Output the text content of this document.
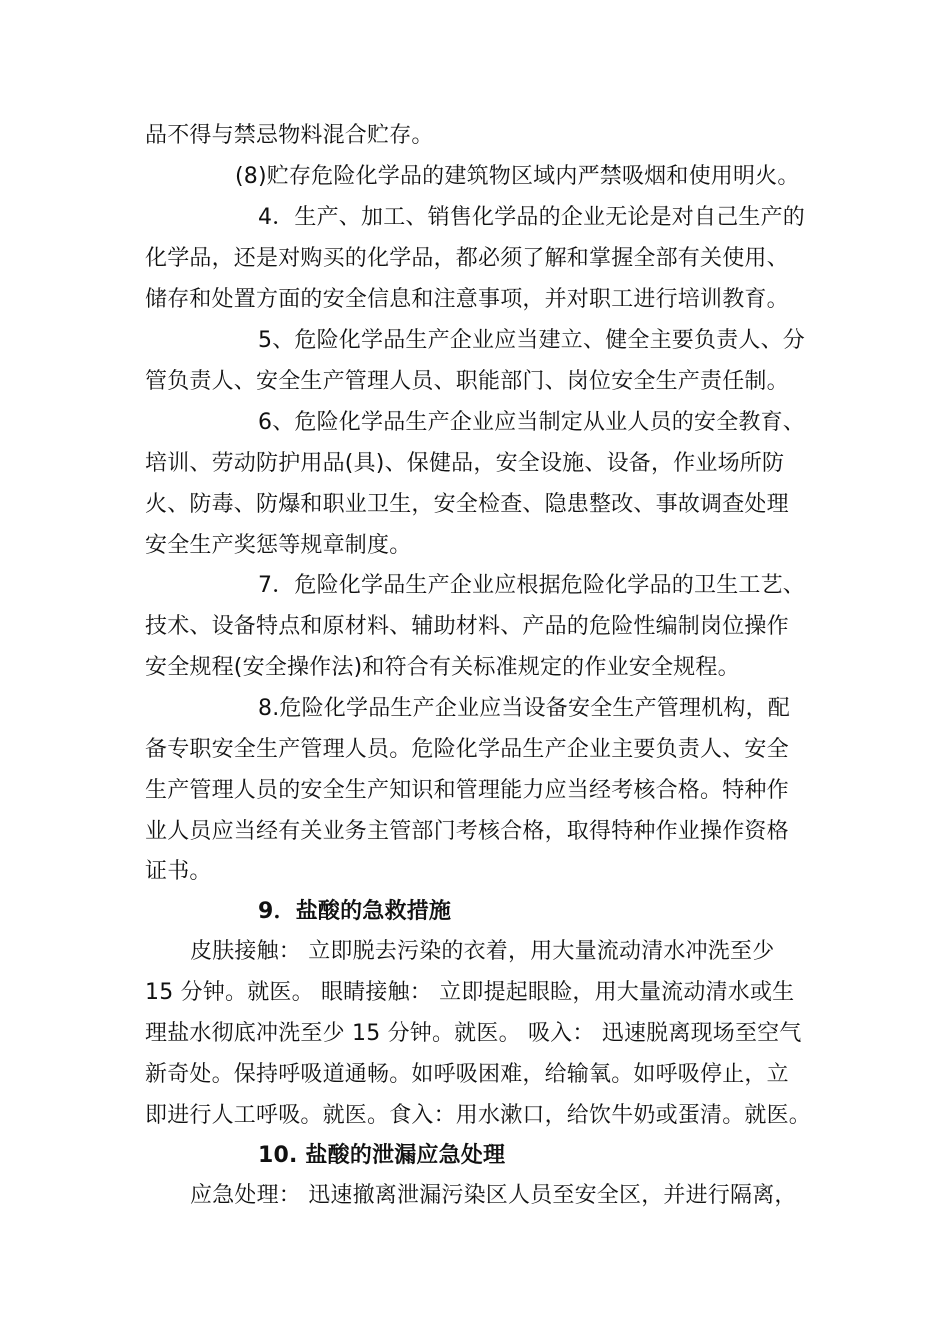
品不得与禁忌物料混合贮存。
(8)贮存危险化学品的建筑物区域内严禁吸烟和使用明火。
4．生产、加工、销售化学品的企业无论是对自己生产的
化学品，还是对购买的化学品，都必须了解和掌握全部有关使用、
储存和处置方面的安全信息和注意事项，并对职工进行培训教育。
5、危险化学品生产企业应当建立、健全主要负责人、分
管负责人、安全生产管理人员、职能部门、岗位安全生产责任制。
6、危险化学品生产企业应当制定从业人员的安全教育、
培训、劳动防护用品(具)、保健品，安全设施、设备，作业场所防
火、防毒、防爆和职业卫生，安全检查、隐患整改、事故调查处理
安全生产奖惩等规章制度。
7．危险化学品生产企业应根据危险化学品的卫生工艺、
技术、设备特点和原材料、辅助材料、产品的危险性编制岗位操作
安全规程(安全操作法)和符合有关标准规定的作业安全规程。
8.危险化学品生产企业应当设备安全生产管理机构，配
备专职安全生产管理人员。危险化学品生产企业主要负责人、安全
生产管理人员的安全生产知识和管理能力应当经考核合格。特种作
业人员应当经有关业务主管部门考核合格，取得特种作业操作资格
证书。
9．盐酸的急救措施
皮肤接触： 立即脱去污染的衣着，用大量流动清水冲洗至少
15 分钟。就医。 眼睛接触： 立即提起眼睑，用大量流动清水或生
理盐水彻底冲洗至少 15 分钟。就医。 吸入： 迅速脱离现场至空气
新奇处。保持呼吸道通畅。如呼吸困难，给输氧。如呼吸停止，立
即进行人工呼吸。就医。食入：用水漱口，给饮牛奶或蛋清。就医。
10. 盐酸的泄漏应急处理
应急处理： 迅速撤离泄漏污染区人员至安全区，并进行隔离，
